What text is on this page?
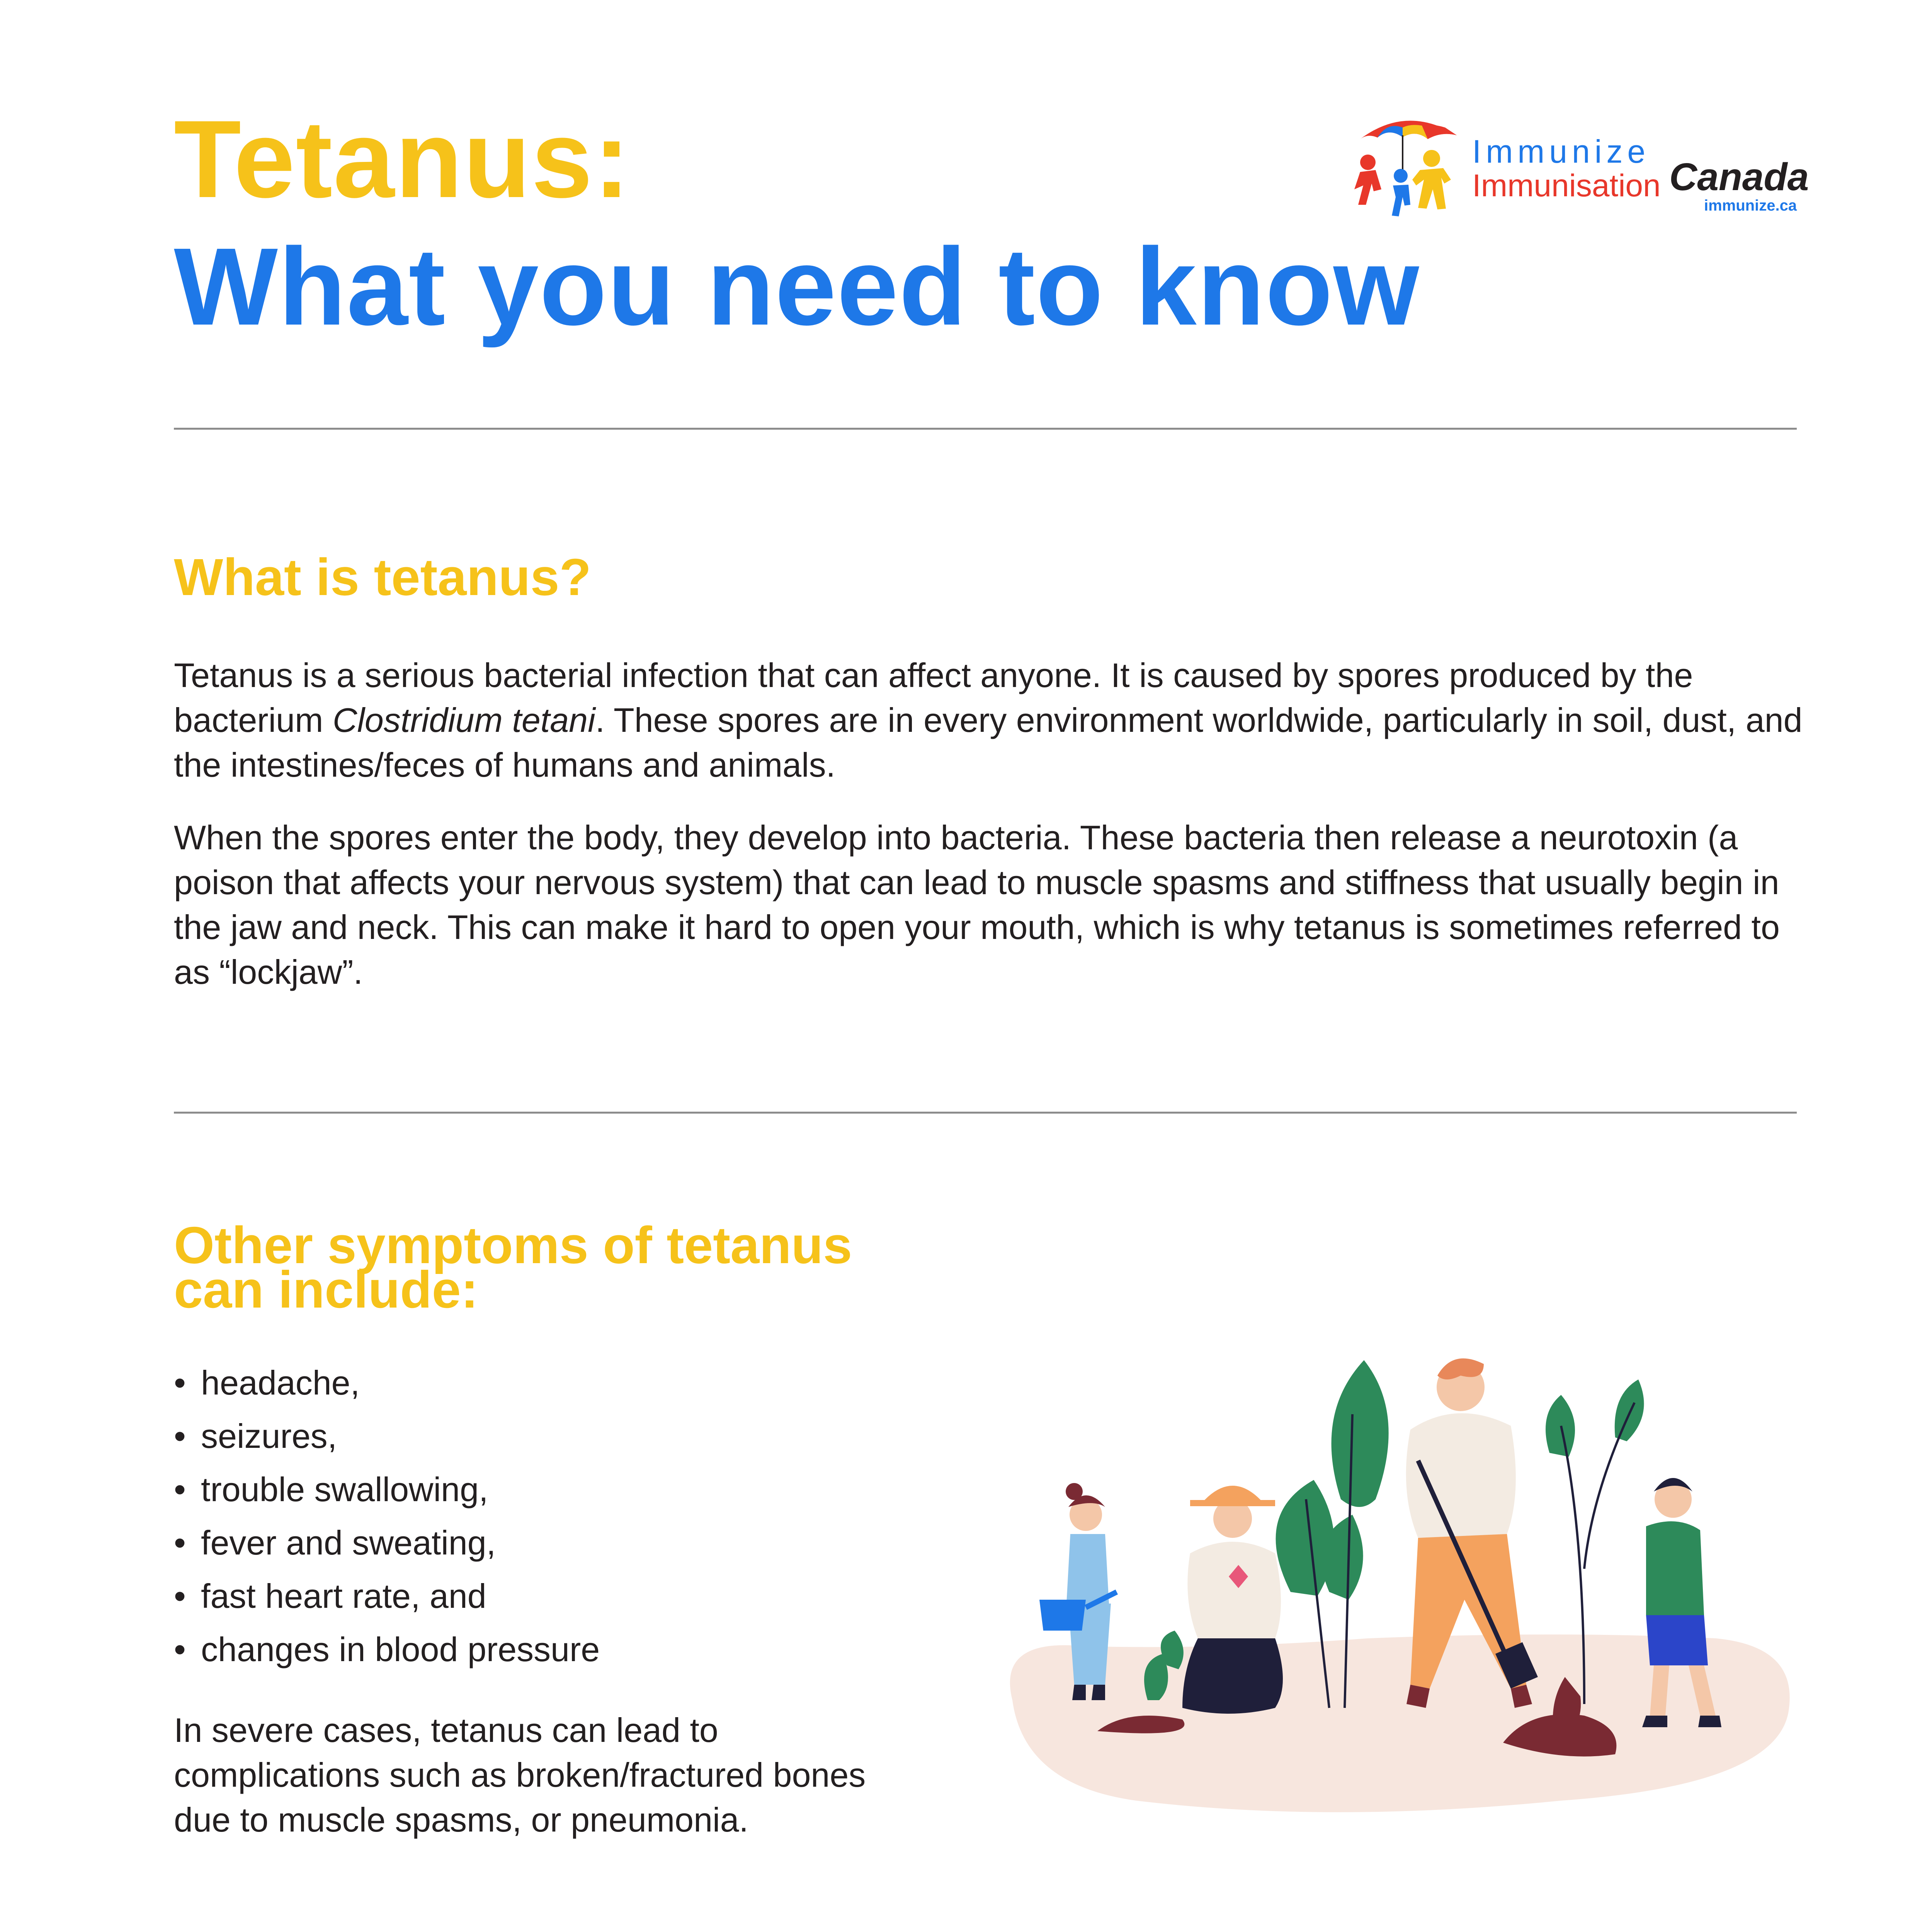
Tetanus:
What you need to know
Immunize
Immunisation Canada
immunize.ca
What is tetanus?

Tetanus is a serious bacterial infection that can affect anyone. It is caused by spores produced by the bacterium Clostridium tetani. These spores are in every environment worldwide, particularly in soil, dust, and the intestines/feces of humans and animals.

When the spores enter the body, they develop into bacteria. These bacteria then release a neurotoxin (a poison that affects your nervous system) that can lead to muscle spasms and stiffness that usually begin in the jaw and neck. This can make it hard to open your mouth, which is why tetanus is sometimes referred to as “lockjaw”.

Other symptoms of tetanus
can include:
• headache,
• seizures,
• trouble swallowing,
• fever and sweating,
• fast heart rate, and
• changes in blood pressure

In severe cases, tetanus can lead to complications such as broken/fractured bones due to muscle spasms, or pneumonia.
